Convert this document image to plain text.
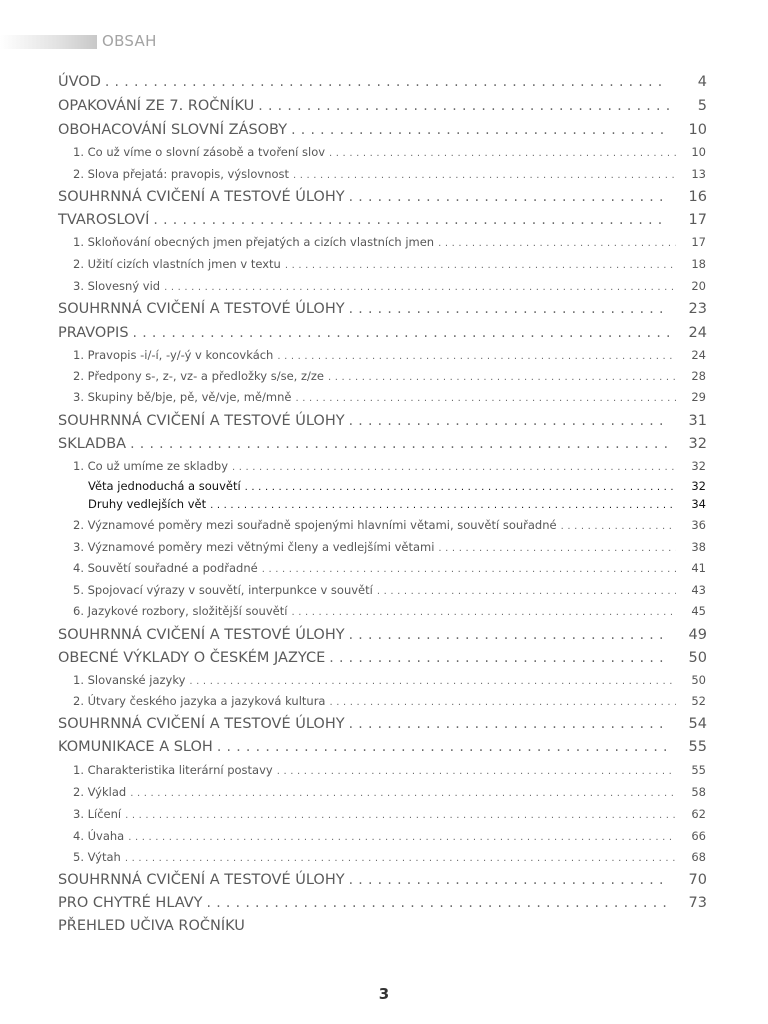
OBSAH
ÚVOD . . .	4
OPAKOVÁNÍ ZE 7. ROČNÍKU . . .	5
OBOHACOVÁNÍ SLOVNÍ ZÁSOBY . . .	10
1. Co už víme o slovní zásobě a tvoření slov . . .	10
2. Slova přejatá: pravopis, výslovnost . . .	13
SOUHRNNÁ CVIČENÍ A TESTOVÉ ÚLOHY . . .	16
TVAROSLOVÍ . . .	17
1. Skloňování obecných jmen přejatých a cizích vlastních jmen . . .	17
2. Užití cizích vlastních jmen v textu . . .	18
3. Slovesný vid . . .	20
SOUHRNNÁ CVIČENÍ A TESTOVÉ ÚLOHY . . .	23
PRAVOPIS . . .	24
1. Pravopis -i/-í, -y/-ý v koncovkách . . .	24
2. Předpony s-, z-, vz- a předložky s/se, z/ze . . .	28
3. Skupiny bě/bje, pě, vě/vje, mě/mně . . .	29
SOUHRNNÁ CVIČENÍ A TESTOVÉ ÚLOHY . . .	31
SKLADBA . . .	32
1. Co už umíme ze skladby . . .	32
Věta jednoduchá a souvětí . . .	32
Druhy vedlejších vět . . .	34
2. Významové poměry mezi souřadně spojenými hlavními větami, souvětí souřadné . . .	36
3. Významové poměry mezi větnými členy a vedlejšími větami . . .	38
4. Souvětí souřadné a podřadné . . .	41
5. Spojovací výrazy v souvětí, interpunkce v souvětí . . .	43
6. Jazykové rozbory, složitější souvětí . . .	45
SOUHRNNÁ CVIČENÍ A TESTOVÉ ÚLOHY . . .	49
OBECNÉ VÝKLADY O ČESKÉM JAZYCE . . .	50
1. Slovanské jazyky . . .	50
2. Útvary českého jazyka a jazyková kultura . . .	52
SOUHRNNÁ CVIČENÍ A TESTOVÉ ÚLOHY . . .	54
KOMUNIKACE A SLOH . . .	55
1. Charakteristika literární postavy . . .	55
2. Výklad . . .	58
3. Líčení . . .	62
4. Úvaha . . .	66
5. Výtah . . .	68
SOUHRNNÁ CVIČENÍ A TESTOVÉ ÚLOHY . . .	70
PRO CHYTRÉ HLAVY . . .	73
PŘEHLED UČIVA ROČNÍKU
3
